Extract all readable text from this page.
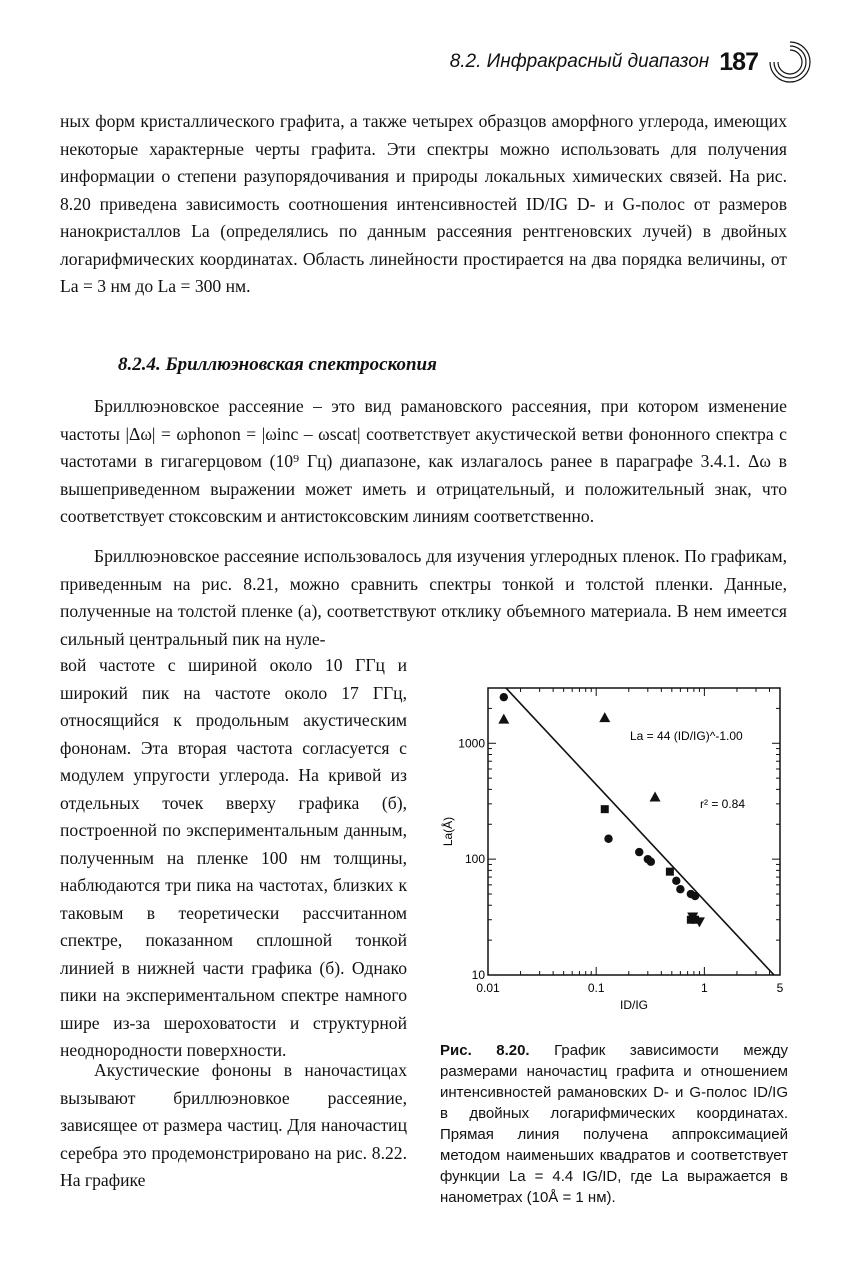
8.2. Инфракрасный диапазон 187

ных форм кристаллического графита, а также четырех образцов аморфного углерода, имеющих некоторые характерные черты графита. Эти спектры можно использовать для получения информации о степени разупорядочивания и природы локальных химических связей. На рис. 8.20 приведена зависимость соотношения интенсивностей ID/IG D- и G-полос от размеров нанокристаллов La (определялись по данным рассеяния рентгеновских лучей) в двойных логарифмических координатах. Область линейности простирается на два порядка величины, от La = 3 нм до La = 300 нм.

8.2.4. Бриллюэновская спектроскопия

Бриллюэновское рассеяние – это вид рамановского рассеяния, при котором изменение частоты |Δω| = ωphonon = |ωinc – ωscat| соответствует акустической ветви фононного спектра с частотами в гигагерцовом (10⁹ Гц) диапазоне, как излагалось ранее в параграфе 3.4.1. Δω в вышеприведенном выражении может иметь и отрицательный, и положительный знак, что соответствует стоксовским и антистоксовским линиям соответственно.

Бриллюэновское рассеяние использовалось для изучения углеродных пленок. По графикам, приведенным на рис. 8.21, можно сравнить спектры тонкой и толстой пленки. Данные, полученные на толстой пленке (а), соответствуют отклику объемного материала. В нем имеется сильный центральный пик на нуле-

вой частоте с шириной около 10 ГГц и широкий пик на частоте около 17 ГГц, относящийся к продольным акустическим фононам. Эта вторая частота согласуется с модулем упругости углерода. На кривой из отдельных точек вверху графика (б), построенной по экспериментальным данным, полученным на пленке 100 нм толщины, наблюдаются три пика на частотах, близких к таковым в теоретически рассчитанном спектре, показанном сплошной тонкой линией в нижней части графика (б). Однако пики на экспериментальном спектре намного шире из-за шероховатости и структурной неоднородности поверхности.

Акустические фононы в наночастицах вызывают бриллюэновкое рассеяние, зависящее от размера частиц. Для наночастиц серебра это продемонстрировано на рис. 8.22. На графике

0.01	0.1	1	5
10
100
1000
ID/IG
La(Å)
La = 44 (ID/IG)^-1.00
r² = 0.84

Рис. 8.20. График зависимости между размерами наночастиц графита и отношением интенсивностей рамановских D- и G-полос ID/IG в двойных логарифмических координатах. Прямая линия получена аппроксимацией методом наименьших квадратов и соответствует функции La = 4.4 IG/ID, где La выражается в нанометрах (10Å = 1 нм).
